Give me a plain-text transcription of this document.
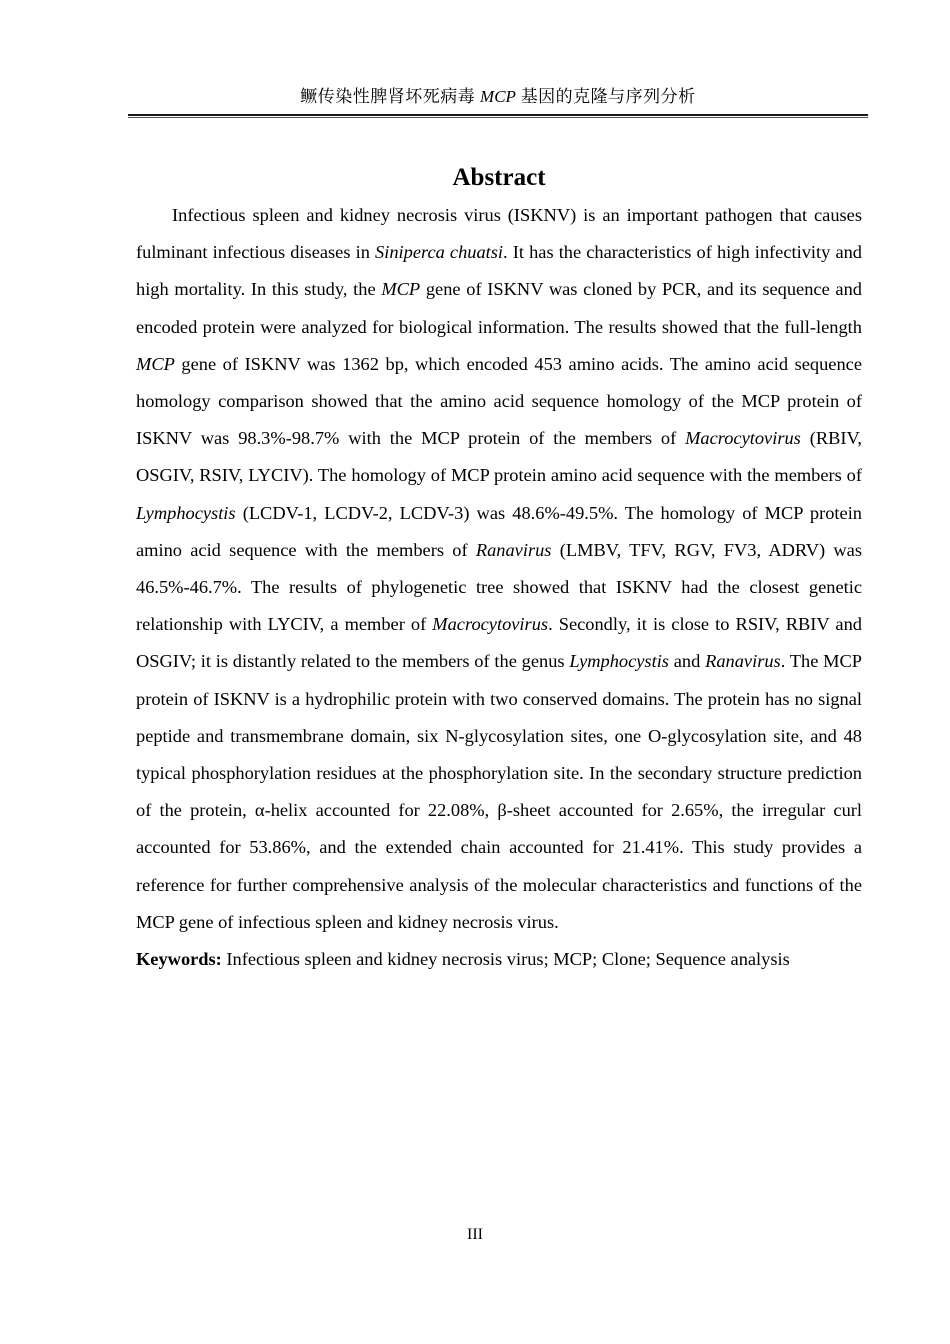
鳜传染性脾肾坏死病毒 MCP 基因的克隆与序列分析
Abstract

Infectious spleen and kidney necrosis virus (ISKNV) is an important pathogen that causes fulminant infectious diseases in Siniperca chuatsi. It has the characteristics of high infectivity and high mortality. In this study, the MCP gene of ISKNV was cloned by PCR, and its sequence and encoded protein were analyzed for biological information. The results showed that the full-length MCP gene of ISKNV was 1362 bp, which encoded 453 amino acids. The amino acid sequence homology comparison showed that the amino acid sequence homology of the MCP protein of ISKNV was 98.3%-98.7% with the MCP protein of the members of Macrocytovirus (RBIV, OSGIV, RSIV, LYCIV). The homology of MCP protein amino acid sequence with the members of Lymphocystis (LCDV-1, LCDV-2, LCDV-3) was 48.6%-49.5%. The homology of MCP protein amino acid sequence with the members of Ranavirus (LMBV, TFV, RGV, FV3, ADRV) was 46.5%-46.7%. The results of phylogenetic tree showed that ISKNV had the closest genetic relationship with LYCIV, a member of Macrocytovirus. Secondly, it is close to RSIV, RBIV and OSGIV; it is distantly related to the members of the genus Lymphocystis and Ranavirus. The MCP protein of ISKNV is a hydrophilic protein with two conserved domains. The protein has no signal peptide and transmembrane domain, six N-glycosylation sites, one O-glycosylation site, and 48 typical phosphorylation residues at the phosphorylation site. In the secondary structure prediction of the protein, α-helix accounted for 22.08%, β-sheet accounted for 2.65%, the irregular curl accounted for 53.86%, and the extended chain accounted for 21.41%. This study provides a reference for further comprehensive analysis of the molecular characteristics and functions of the MCP gene of infectious spleen and kidney necrosis virus.

Keywords: Infectious spleen and kidney necrosis virus; MCP; Clone; Sequence analysis

III
